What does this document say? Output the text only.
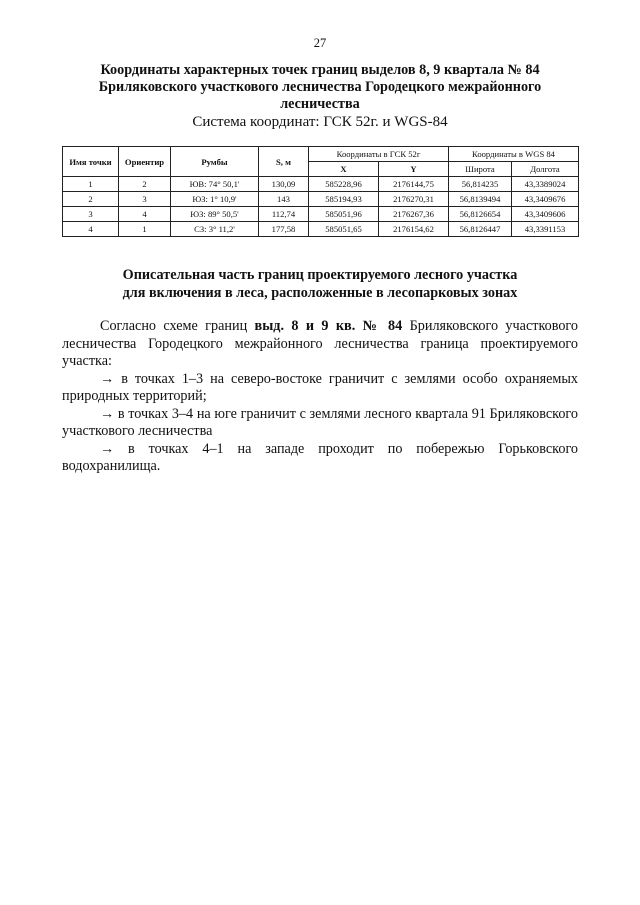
27
Координаты характерных точек границ выделов 8, 9 квартала № 84
Бриляковского участкового лесничества Городецкого межрайонного
лесничества
Система координат: ГСК 52г. и WGS-84
Имя точки	Ориентир	Румбы	S, м	Координаты в ГСК 52г		Координаты в WGS 84	
				X	Y	Широта	Долгота
1	2	ЮВ: 74° 50,1'	130,09	585228,96	2176144,75	56,814235	43,3389024
2	3	ЮЗ: 1° 10,9'	143	585194,93	2176270,31	56,8139494	43,3409676
3	4	ЮЗ: 89° 50,5'	112,74	585051,96	2176267,36	56,8126654	43,3409606
4	1	СЗ: 3° 11,2'	177,58	585051,65	2176154,62	56,8126447	43,3391153
Описательная часть границ проектируемого лесного участка
для включения в леса, расположенные в лесопарковых зонах

Согласно схеме границ выд. 8 и 9 кв. № 84 Бриляковского участкового лесничества Городецкого межрайонного лесничества граница проектируемого участка:

→ в точках 1–3 на северо-востоке граничит с землями особо охраняемых природных территорий;

→ в точках 3–4 на юге граничит с землями лесного квартала 91 Бриляковского участкового лесничества

→ в точках 4–1 на западе проходит по побережью Горьковского водохранилища.
